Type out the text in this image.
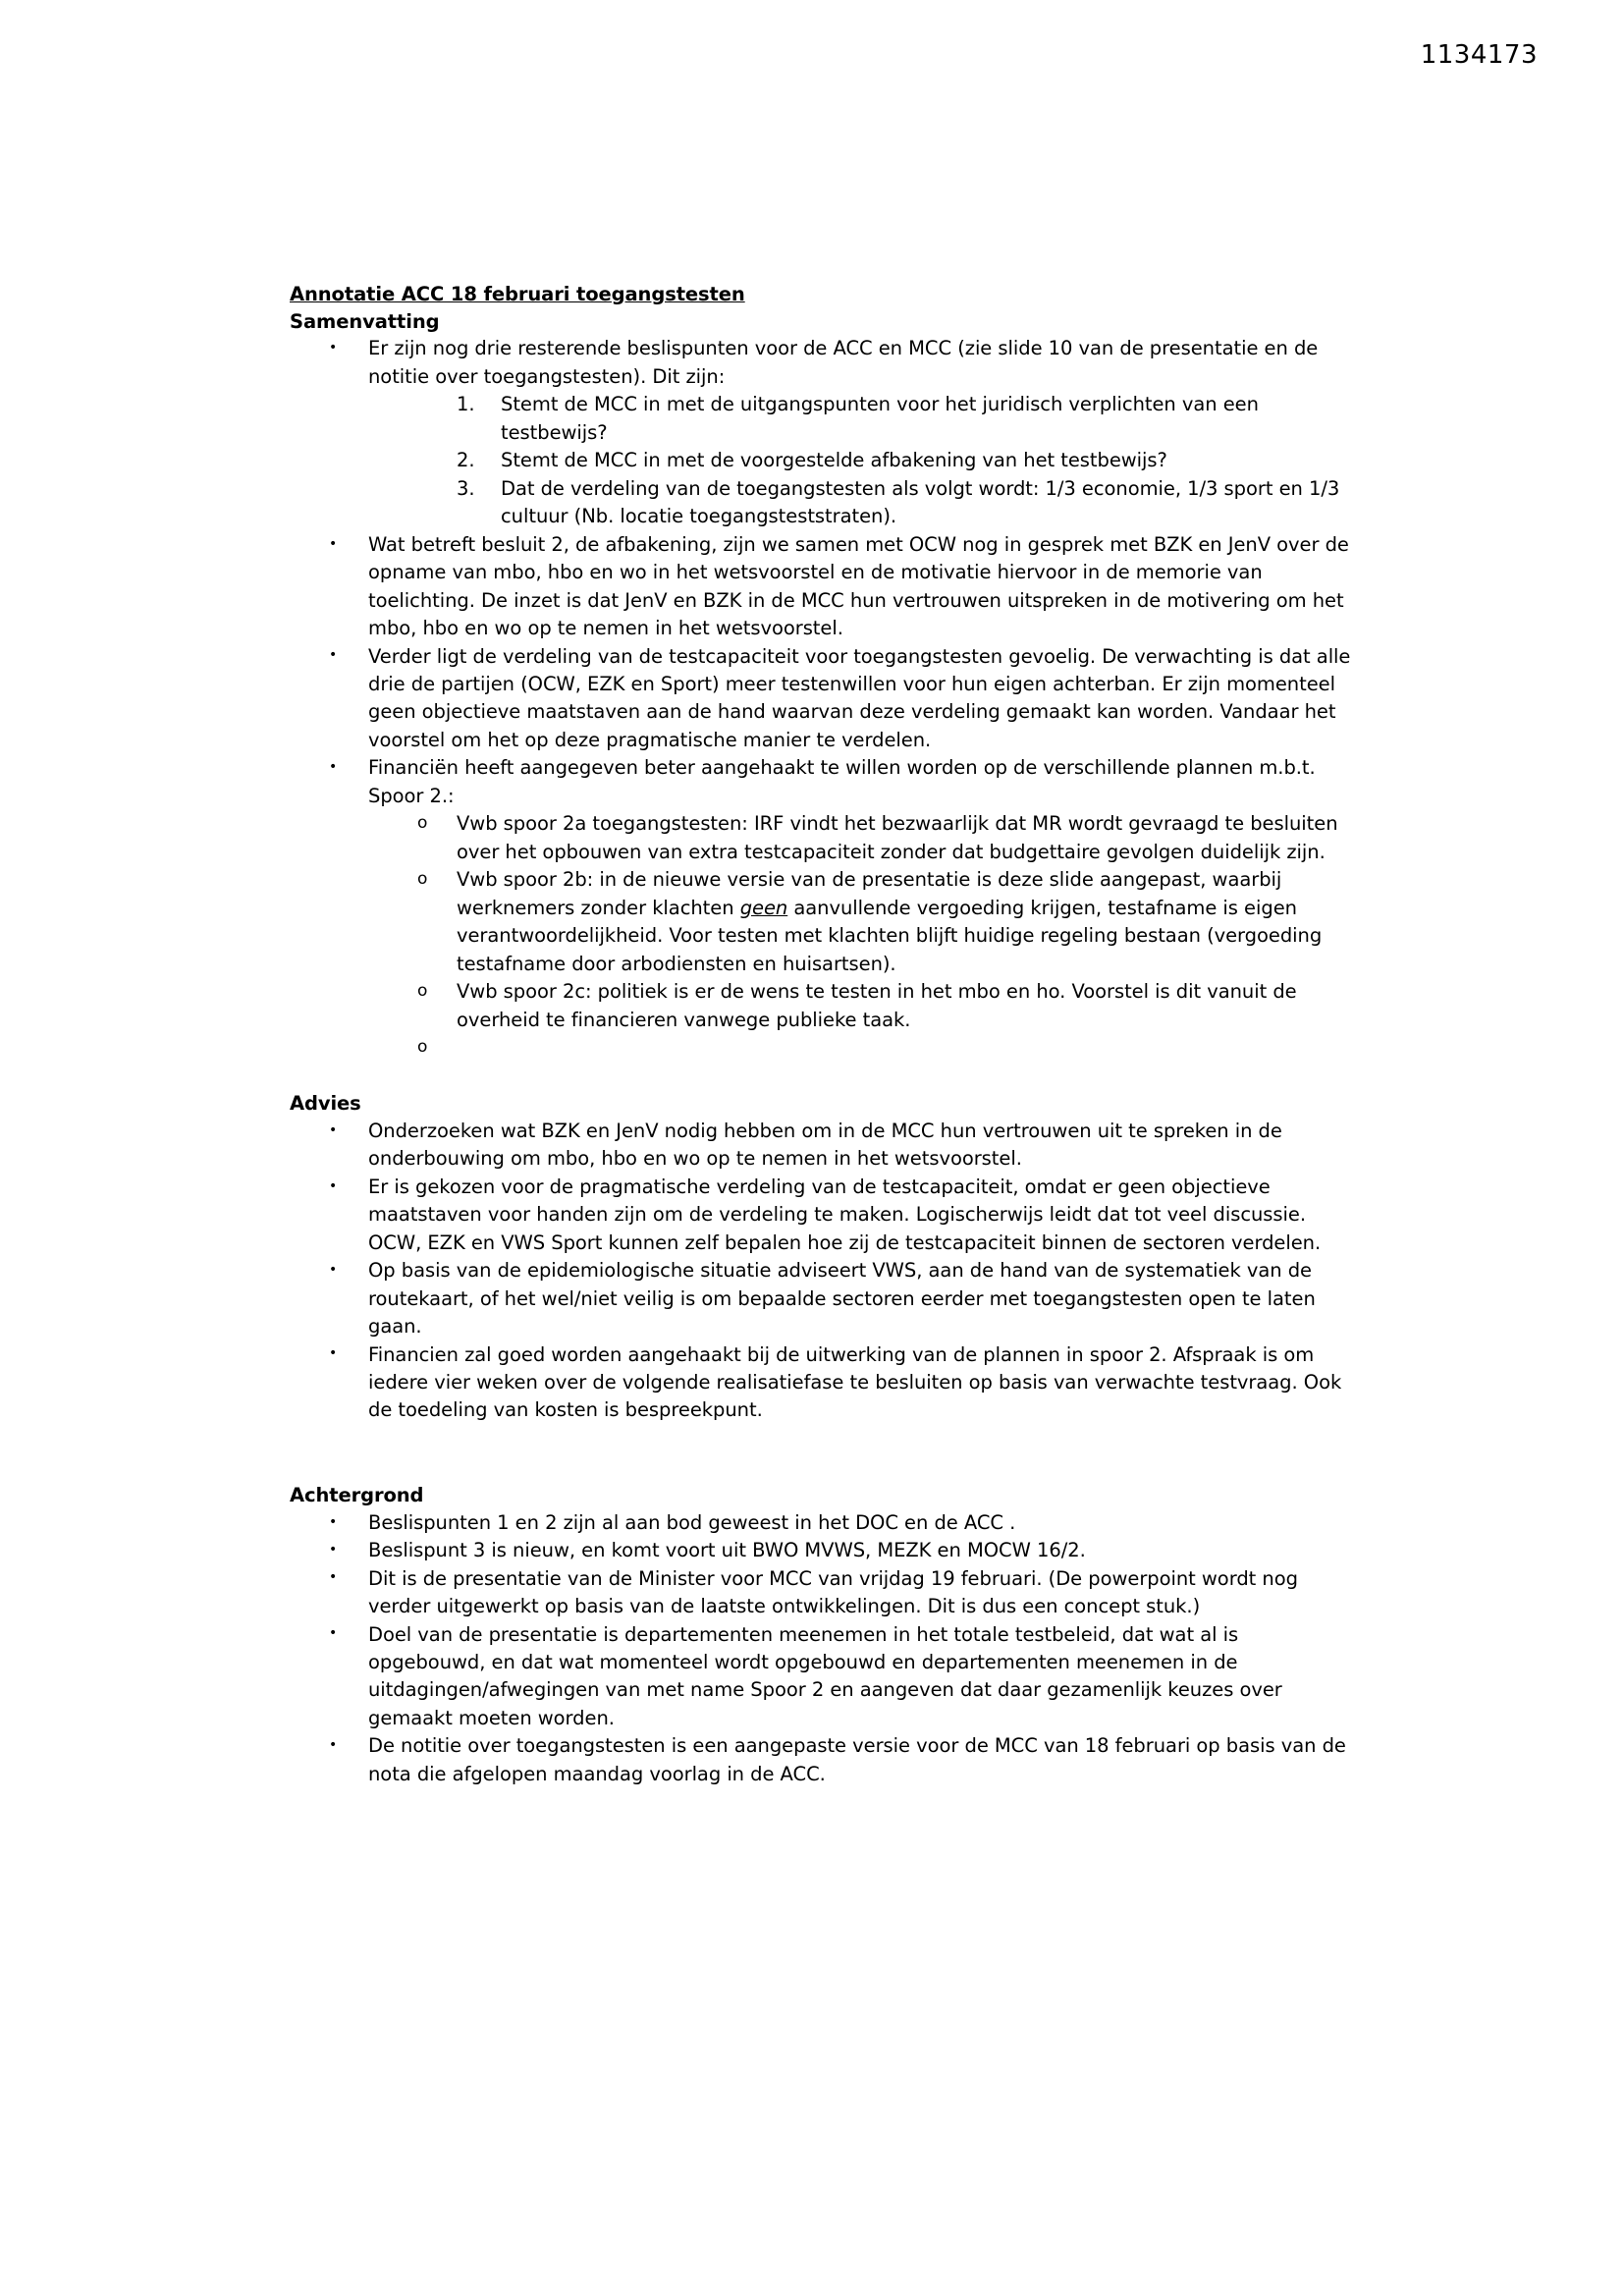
1134173
Annotatie ACC 18 februari toegangstesten
Samenvatting
•	Er zijn nog drie resterende beslispunten voor de ACC en MCC (zie slide 10 van de presentatie en de notitie over toegangstesten). Dit zijn:
1.	Stemt de MCC in met de uitgangspunten voor het juridisch verplichten van een testbewijs?
2.	Stemt de MCC in met de voorgestelde afbakening van het testbewijs?
3.	Dat de verdeling van de toegangstesten als volgt wordt: 1/3 economie, 1/3 sport en 1/3 cultuur (Nb. locatie toegangsteststraten).
•	Wat betreft besluit 2, de afbakening, zijn we samen met OCW nog in gesprek met BZK en JenV over de opname van mbo, hbo en wo in het wetsvoorstel en de motivatie hiervoor in de memorie van toelichting. De inzet is dat JenV en BZK in de MCC hun vertrouwen uitspreken in de motivering om het mbo, hbo en wo op te nemen in het wetsvoorstel.
•	Verder ligt de verdeling van de testcapaciteit voor toegangstesten gevoelig. De verwachting is dat alle drie de partijen (OCW, EZK en Sport) meer testenwillen voor hun eigen achterban. Er zijn momenteel geen objectieve maatstaven aan de hand waarvan deze verdeling gemaakt kan worden. Vandaar het voorstel om het op deze pragmatische manier te verdelen.
•	Financiën heeft aangegeven beter aangehaakt te willen worden op de verschillende plannen m.b.t. Spoor 2.:
o	Vwb spoor 2a toegangstesten: IRF vindt het bezwaarlijk dat MR wordt gevraagd te besluiten over het opbouwen van extra testcapaciteit zonder dat budgettaire gevolgen duidelijk zijn.
o	Vwb spoor 2b: in de nieuwe versie van de presentatie is deze slide aangepast, waarbij werknemers zonder klachten geen aanvullende vergoeding krijgen, testafname is eigen verantwoordelijkheid. Voor testen met klachten blijft huidige regeling bestaan (vergoeding testafname door arbodiensten en huisartsen).
o	Vwb spoor 2c: politiek is er de wens te testen in het mbo en ho. Voorstel is dit vanuit de overheid te financieren vanwege publieke taak.
o
Advies
•	Onderzoeken wat BZK en JenV nodig hebben om in de MCC hun vertrouwen uit te spreken in de onderbouwing om mbo, hbo en wo op te nemen in het wetsvoorstel.
•	Er is gekozen voor de pragmatische verdeling van de testcapaciteit, omdat er geen objectieve maatstaven voor handen zijn om de verdeling te maken. Logischerwijs leidt dat tot veel discussie. OCW, EZK en VWS Sport kunnen zelf bepalen hoe zij de testcapaciteit binnen de sectoren verdelen.
•	Op basis van de epidemiologische situatie adviseert VWS, aan de hand van de systematiek van de routekaart, of het wel/niet veilig is om bepaalde sectoren eerder met toegangstesten open te laten gaan.
•	Financien zal goed worden aangehaakt bij de uitwerking van de plannen in spoor 2. Afspraak is om iedere vier weken over de volgende realisatiefase te besluiten op basis van verwachte testvraag. Ook de toedeling van kosten is bespreekpunt.
Achtergrond
•	Beslispunten 1 en 2 zijn al aan bod geweest in het DOC en de ACC .
•	Beslispunt 3 is nieuw, en komt voort uit BWO MVWS, MEZK en MOCW 16/2.
•	Dit is de presentatie van de Minister voor MCC van vrijdag 19 februari. (De powerpoint wordt nog verder uitgewerkt op basis van de laatste ontwikkelingen. Dit is dus een concept stuk.)
•	Doel van de presentatie is departementen meenemen in het totale testbeleid, dat wat al is opgebouwd, en dat wat momenteel wordt opgebouwd en departementen meenemen in de uitdagingen/afwegingen van met name Spoor 2 en aangeven dat daar gezamenlijk keuzes over gemaakt moeten worden.
•	De notitie over toegangstesten is een aangepaste versie voor de MCC van 18 februari op basis van de nota die afgelopen maandag voorlag in de ACC.
